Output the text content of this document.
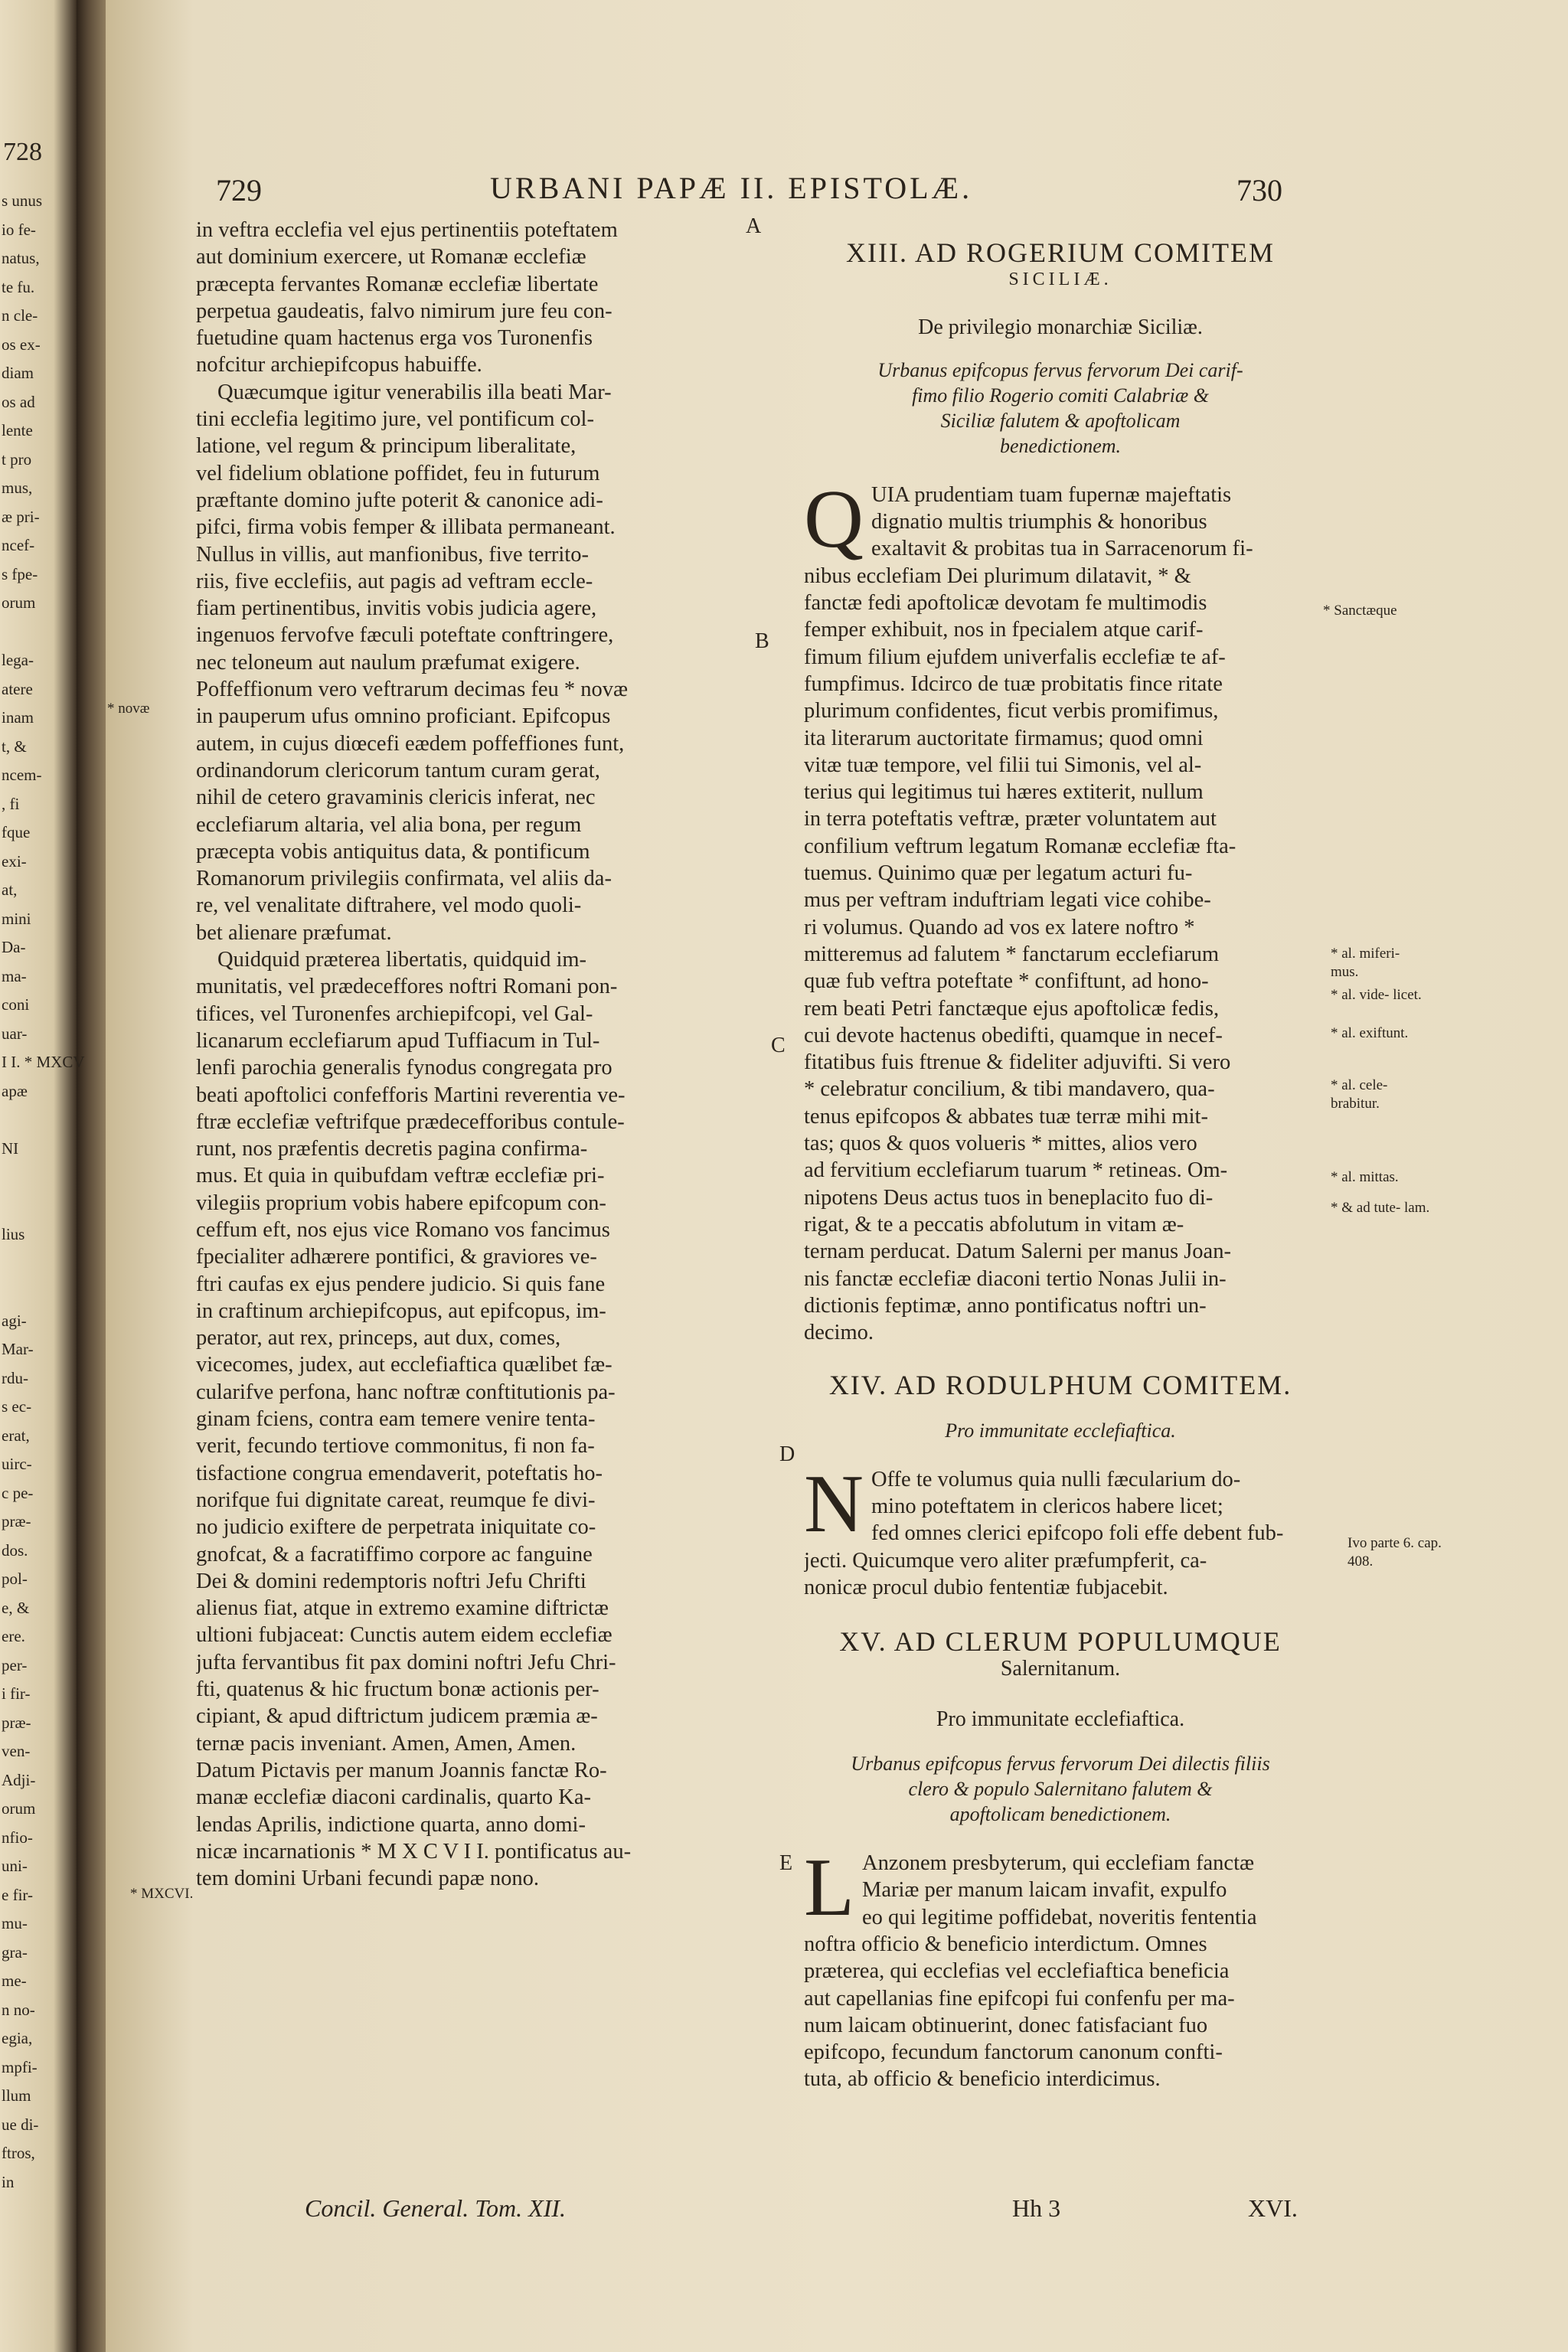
728
s unus
io fe-
natus,
te fu.
n cle-
os ex-
diam
os ad
lente
t pro
mus,
æ pri-
ncef-
s fpe-
orum
lega-
atere
inam
t, &
ncem-
, fi
fque
exi-
at,
mini
Da-
ma-
coni
uar-
I I. * MXCV
apæ
NI
lius
agi-
Mar-
rdu-
s ec-
erat,
uirc-
c pe-
præ-
dos.
pol-
e, &
ere.
per-
i fir-
præ-
ven-
Adji-
orum
nfio-
uni-
e fir-
mu-
gra-
me-
n no-
egia,
mpfi-
llum
ue di-
ftros,
in
729	URBANI PAPÆ II. EPISTOLÆ.	730
A
B
C
D
E
* novæ
* MXCVI.
* Sanctæque
* al. miferi- mus.
* al. vide- licet.
* al. exiftunt.
* al. cele- brabitur.
* al. mittas.
* & ad tute- lam.
Ivo parte 6. cap. 408.
in veftra ecclefia vel ejus pertinentiis poteftatem
aut dominium exercere, ut Romanæ ecclefiæ
præcepta fervantes Romanæ ecclefiæ libertate
perpetua gaudeatis, falvo nimirum jure feu con-
fuetudine quam hactenus erga vos Turonenfis
nofcitur archiepifcopus habuiffe.
Quæcumque igitur venerabilis illa beati Mar-
tini ecclefia legitimo jure, vel pontificum col-
latione, vel regum & principum liberalitate,
vel fidelium oblatione poffidet, feu in futurum
præftante domino jufte poterit & canonice adi-
pifci, firma vobis femper & illibata permaneant.
Nullus in villis, aut manfionibus, five territo-
riis, five ecclefiis, aut pagis ad veftram eccle-
fiam pertinentibus, invitis vobis judicia agere,
ingenuos fervofve fæculi poteftate conftringere,
nec teloneum aut naulum præfumat exigere.
Poffeffionum vero veftrarum decimas feu * novæ
in pauperum ufus omnino proficiant. Epifcopus
autem, in cujus diœcefi eædem poffeffiones funt,
ordinandorum clericorum tantum curam gerat,
nihil de cetero gravaminis clericis inferat, nec
ecclefiarum altaria, vel alia bona, per regum
præcepta vobis antiquitus data, & pontificum
Romanorum privilegiis confirmata, vel aliis da-
re, vel venalitate diftrahere, vel modo quoli-
bet alienare præfumat.
Quidquid præterea libertatis, quidquid im-
munitatis, vel prædeceffores noftri Romani pon-
tifices, vel Turonenfes archiepifcopi, vel Gal-
licanarum ecclefiarum apud Tuffiacum in Tul-
lenfi parochia generalis fynodus congregata pro
beati apoftolici confefforis Martini reverentia ve-
ftræ ecclefiæ veftrifque prædecefforibus contule-
runt, nos præfentis decretis pagina confirma-
mus. Et quia in quibufdam veftræ ecclefiæ pri-
vilegiis proprium vobis habere epifcopum con-
ceffum eft, nos ejus vice Romano vos fancimus
fpecialiter adhærere pontifici, & graviores ve-
ftri caufas ex ejus pendere judicio. Si quis fane
in craftinum archiepifcopus, aut epifcopus, im-
perator, aut rex, princeps, aut dux, comes,
vicecomes, judex, aut ecclefiaftica quælibet fæ-
cularifve perfona, hanc noftræ conftitutionis pa-
ginam fciens, contra eam temere venire tenta-
verit, fecundo tertiove commonitus, fi non fa-
tisfactione congrua emendaverit, poteftatis ho-
norifque fui dignitate careat, reumque fe divi-
no judicio exiftere de perpetrata iniquitate co-
gnofcat, & a facratiffimo corpore ac fanguine
Dei & domini redemptoris noftri Jefu Chrifti
alienus fiat, atque in extremo examine diftrictæ
ultioni fubjaceat: Cunctis autem eidem ecclefiæ
jufta fervantibus fit pax domini noftri Jefu Chri-
fti, quatenus & hic fructum bonæ actionis per-
cipiant, & apud diftrictum judicem præmia æ-
ternæ pacis inveniant. Amen, Amen, Amen.
Datum Pictavis per manum Joannis fanctæ Ro-
manæ ecclefiæ diaconi cardinalis, quarto Ka-
lendas Aprilis, indictione quarta, anno domi-
nicæ incarnationis * M X C V I I. pontificatus au-
tem domini Urbani fecundi papæ nono.
XIII. AD ROGERIUM COMITEM
SICILIÆ.
De privilegio monarchiæ Siciliæ.
Urbanus epifcopus fervus fervorum Dei carif-
fimo filio Rogerio comiti Calabriæ &
Siciliæ falutem & apoftolicam
benedictionem.
Q UIA prudentiam tuam fupernæ majeftatis
dignatio multis triumphis & honoribus
exaltavit & probitas tua in Sarracenorum fi-
nibus ecclefiam Dei plurimum dilatavit, * &
fanctæ fedi apoftolicæ devotam fe multimodis
femper exhibuit, nos in fpecialem atque carif-
fimum filium ejufdem univerfalis ecclefiæ te af-
fumpfimus. Idcirco de tuæ probitatis fince ritate
plurimum confidentes, ficut verbis promifimus,
ita literarum auctoritate firmamus; quod omni
vitæ tuæ tempore, vel filii tui Simonis, vel al-
terius qui legitimus tui hæres extiterit, nullum
in terra poteftatis veftræ, præter voluntatem aut
confilium veftrum legatum Romanæ ecclefiæ fta-
tuemus. Quinimo quæ per legatum acturi fu-
mus per veftram induftriam legati vice cohibe-
ri volumus. Quando ad vos ex latere noftro *
mitteremus ad falutem * fanctarum ecclefiarum
quæ fub veftra poteftate * confiftunt, ad hono-
rem beati Petri fanctæque ejus apoftolicæ fedis,
cui devote hactenus obedifti, quamque in necef-
fitatibus fuis ftrenue & fideliter adjuvifti. Si vero
* celebratur concilium, & tibi mandavero, qua-
tenus epifcopos & abbates tuæ terræ mihi mit-
tas; quos & quos volueris * mittes, alios vero
ad fervitium ecclefiarum tuarum * retineas. Om-
nipotens Deus actus tuos in beneplacito fuo di-
rigat, & te a peccatis abfolutum in vitam æ-
ternam perducat. Datum Salerni per manus Joan-
nis fanctæ ecclefiæ diaconi tertio Nonas Julii in-
dictionis feptimæ, anno pontificatus noftri un-
decimo.
XIV. AD RODULPHUM COMITEM.
Pro immunitate ecclefiaftica.
N Offe te volumus quia nulli fæcularium do-
mino poteftatem in clericos habere licet;
fed omnes clerici epifcopo foli effe debent fub-
jecti. Quicumque vero aliter præfumpferit, ca-
nonicæ procul dubio fententiæ fubjacebit.
XV. AD CLERUM POPULUMQUE
Salernitanum.
Pro immunitate ecclefiaftica.
Urbanus epifcopus fervus fervorum Dei dilectis filiis
clero & populo Salernitano falutem &
apoftolicam benedictionem.
L Anzonem presbyterum, qui ecclefiam fanctæ
Mariæ per manum laicam invafit, expulfo
eo qui legitime poffidebat, noveritis fententia
noftra officio & beneficio interdictum. Omnes
præterea, qui ecclefias vel ecclefiaftica beneficia
aut capellanias fine epifcopi fui confenfu per ma-
num laicam obtinuerint, donec fatisfaciant fuo
epifcopo, fecundum fanctorum canonum confti-
tuta, ab officio & beneficio interdicimus.
Concil. General. Tom. XII.	Hh 3	XVI.
